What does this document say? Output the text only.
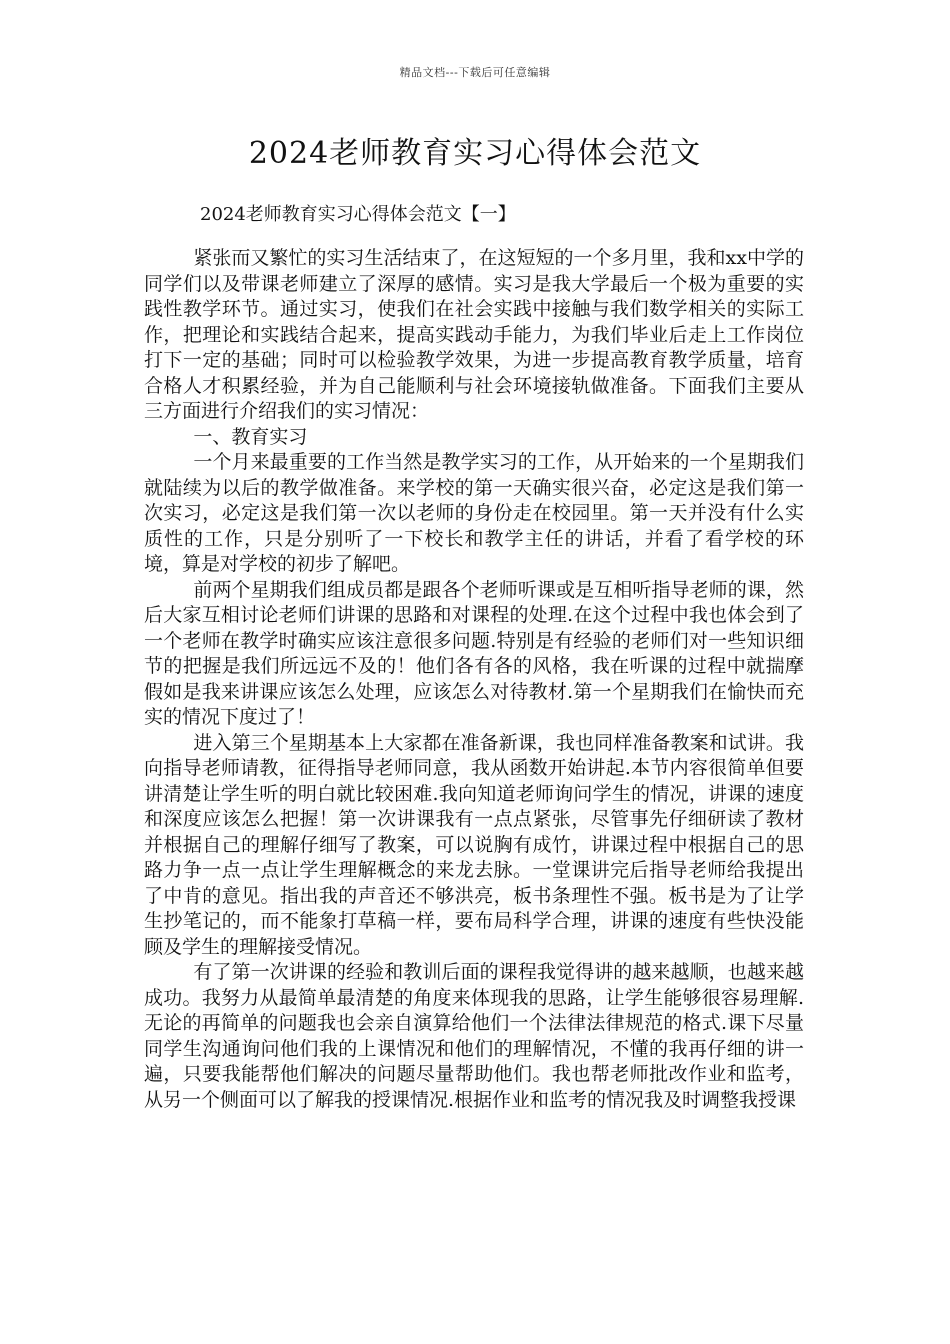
精品文档---下载后可任意编辑
2024老师教育实习心得体会范文
2024老师教育实习心得体会范文【一】

紧张而又繁忙的实习生活结束了，在这短短的一个多月里，我和xx中学的同学们以及带课老师建立了深厚的感情。实习是我大学最后一个极为重要的实践性教学环节。通过实习，使我们在社会实践中接触与我们数学相关的实际工作，把理论和实践结合起来，提高实践动手能力，为我们毕业后走上工作岗位打下一定的基础；同时可以检验教学效果，为进一步提高教育教学质量，培育合格人才积累经验，并为自己能顺利与社会环境接轨做准备。下面我们主要从三方面进行介绍我们的实习情况：

一、教育实习

一个月来最重要的工作当然是教学实习的工作，从开始来的一个星期我们就陆续为以后的教学做准备。来学校的第一天确实很兴奋，必定这是我们第一次实习，必定这是我们第一次以老师的身份走在校园里。第一天并没有什么实质性的工作，只是分别听了一下校长和教学主任的讲话，并看了看学校的环境，算是对学校的初步了解吧。

前两个星期我们组成员都是跟各个老师听课或是互相听指导老师的课，然后大家互相讨论老师们讲课的思路和对课程的处理.在这个过程中我也体会到了一个老师在教学时确实应该注意很多问题.特别是有经验的老师们对一些知识细节的把握是我们所远远不及的！他们各有各的风格，我在听课的过程中就揣摩假如是我来讲课应该怎么处理，应该怎么对待教材.第一个星期我们在愉快而充实的情况下度过了！

进入第三个星期基本上大家都在准备新课，我也同样准备教案和试讲。我向指导老师请教，征得指导老师同意，我从函数开始讲起.本节内容很简单但要讲清楚让学生听的明白就比较困难.我向知道老师询问学生的情况，讲课的速度和深度应该怎么把握！第一次讲课我有一点点紧张，尽管事先仔细研读了教材并根据自己的理解仔细写了教案，可以说胸有成竹，讲课过程中根据自己的思路力争一点一点让学生理解概念的来龙去脉。一堂课讲完后指导老师给我提出了中肯的意见。指出我的声音还不够洪亮，板书条理性不强。板书是为了让学生抄笔记的，而不能象打草稿一样，要布局科学合理，讲课的速度有些快没能顾及学生的理解接受情况。

有了第一次讲课的经验和教训后面的课程我觉得讲的越来越顺，也越来越成功。我努力从最简单最清楚的角度来体现我的思路，让学生能够很容易理解.无论的再简单的问题我也会亲自演算给他们一个法律法律规范的格式.课下尽量同学生沟通询问他们我的上课情况和他们的理解情况，不懂的我再仔细的讲一遍，只要我能帮他们解决的问题尽量帮助他们。我也帮老师批改作业和监考，从另一个侧面可以了解我的授课情况.根据作业和监考的情况我及时调整我授课
